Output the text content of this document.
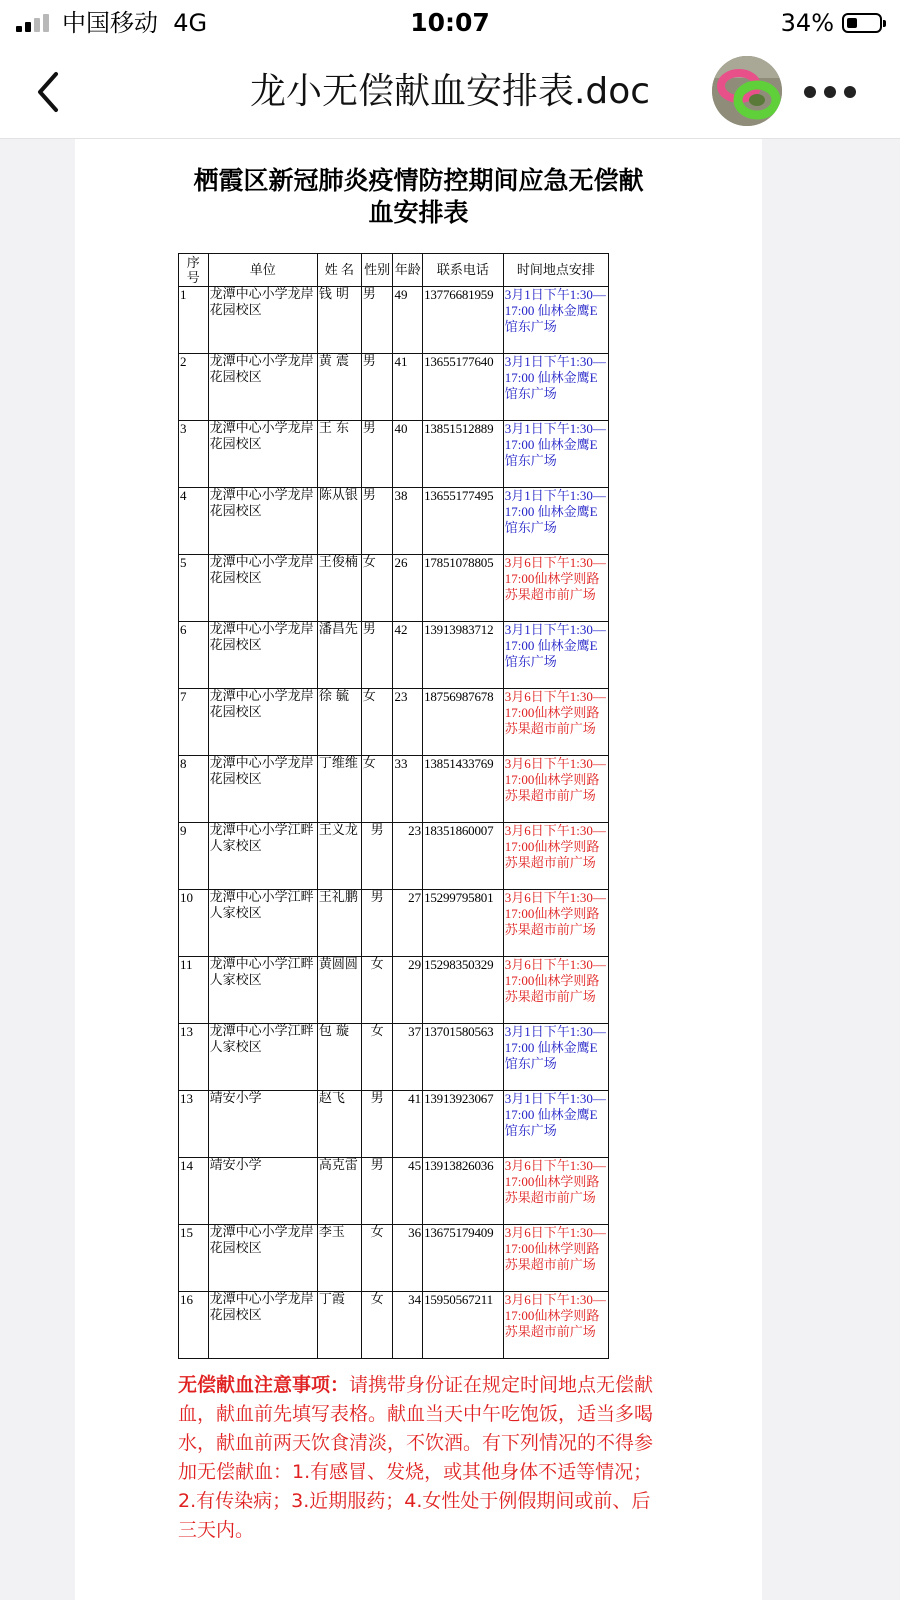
中国移动 4G	10:07	34%
龙小无偿献血安排表.doc
栖霞区新冠肺炎疫情防控期间应急无偿献
血安排表
序
号	单位	姓 名	性别	年龄	联系电话	时间地点安排
1	龙潭中心小学龙岸花园校区	钱 明	男	49	13776681959	3月1日下午1:30—17:00 仙林金鹰E馆东广场
2	龙潭中心小学龙岸花园校区	黄 震	男	41	13655177640	3月1日下午1:30—17:00 仙林金鹰E馆东广场
3	龙潭中心小学龙岸花园校区	王 东	男	40	13851512889	3月1日下午1:30—17:00 仙林金鹰E馆东广场
4	龙潭中心小学龙岸花园校区	陈从银	男	38	13655177495	3月1日下午1:30—17:00 仙林金鹰E馆东广场
5	龙潭中心小学龙岸花园校区	王俊楠	女	26	17851078805	3月6日下午1:30—17:00仙林学则路苏果超市前广场
6	龙潭中心小学龙岸花园校区	潘昌先	男	42	13913983712	3月1日下午1:30—17:00 仙林金鹰E馆东广场
7	龙潭中心小学龙岸花园校区	徐 毓	女	23	18756987678	3月6日下午1:30—17:00仙林学则路苏果超市前广场
8	龙潭中心小学龙岸花园校区	丁维维	女	33	13851433769	3月6日下午1:30—17:00仙林学则路苏果超市前广场
9	龙潭中心小学江畔人家校区	王义龙	男	23	18351860007	3月6日下午1:30—17:00仙林学则路苏果超市前广场
10	龙潭中心小学江畔人家校区	王礼鹏	男	27	15299795801	3月6日下午1:30—17:00仙林学则路苏果超市前广场
11	龙潭中心小学江畔人家校区	黄圆圆	女	29	15298350329	3月6日下午1:30—17:00仙林学则路苏果超市前广场
13	龙潭中心小学江畔人家校区	包 璇	女	37	13701580563	3月1日下午1:30—17:00 仙林金鹰E馆东广场
13	靖安小学	赵飞	男	41	13913923067	3月1日下午1:30—17:00 仙林金鹰E馆东广场
14	靖安小学	高克雷	男	45	13913826036	3月6日下午1:30—17:00仙林学则路苏果超市前广场
15	龙潭中心小学龙岸花园校区	李玉	女	36	13675179409	3月6日下午1:30—17:00仙林学则路苏果超市前广场
16	龙潭中心小学龙岸花园校区	丁霞	女	34	15950567211	3月6日下午1:30—17:00仙林学则路苏果超市前广场
无偿献血注意事项：请携带身份证在规定时间地点无偿献血，献血前先填写表格。献血当天中午吃饱饭，适当多喝水，献血前两天饮食清淡，不饮酒。有下列情况的不得参加无偿献血：1.有感冒、发烧，或其他身体不适等情况；2.有传染病；3.近期服药；4.女性处于例假期间或前、后三天内。
